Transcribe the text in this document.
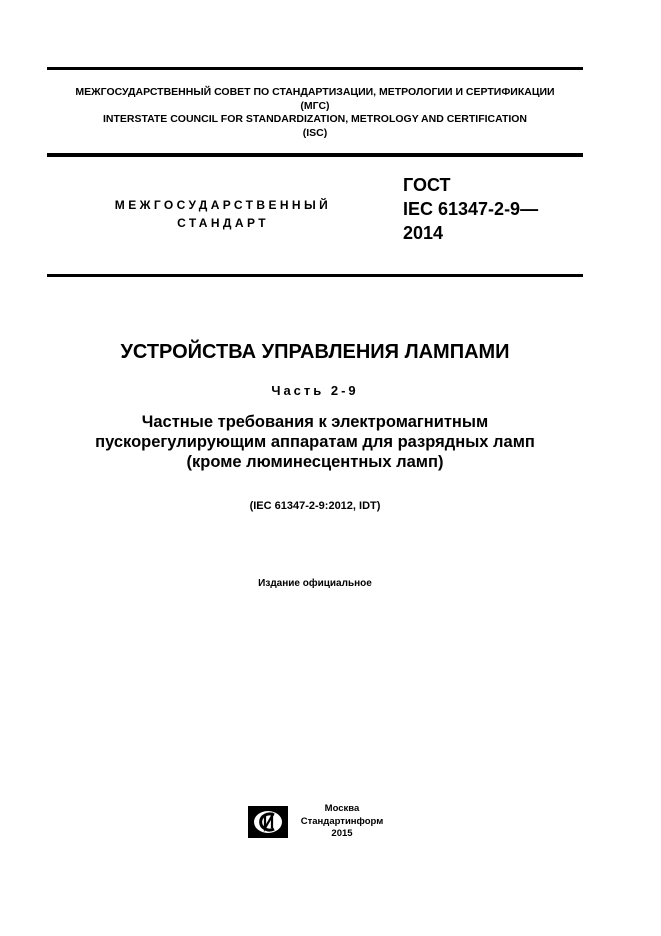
МЕЖГОСУДАРСТВЕННЫЙ СОВЕТ ПО СТАНДАРТИЗАЦИИ, МЕТРОЛОГИИ И СЕРТИФИКАЦИИ
(МГС)
INTERSTATE COUNCIL FOR STANDARDIZATION, METROLOGY AND CERTIFICATION
(ISC)
МЕЖГОСУДАРСТВЕННЫЙ
СТАНДАРТ
ГОСТ
IEC 61347-2-9—
2014
УСТРОЙСТВА УПРАВЛЕНИЯ ЛАМПАМИ
Часть 2-9
Частные требования к электромагнитным
пускорегулирующим аппаратам для разрядных ламп
(кроме люминесцентных ламп)
(IEC 61347-2-9:2012, IDT)
Издание официальное
Москва
Стандартинформ
2015
